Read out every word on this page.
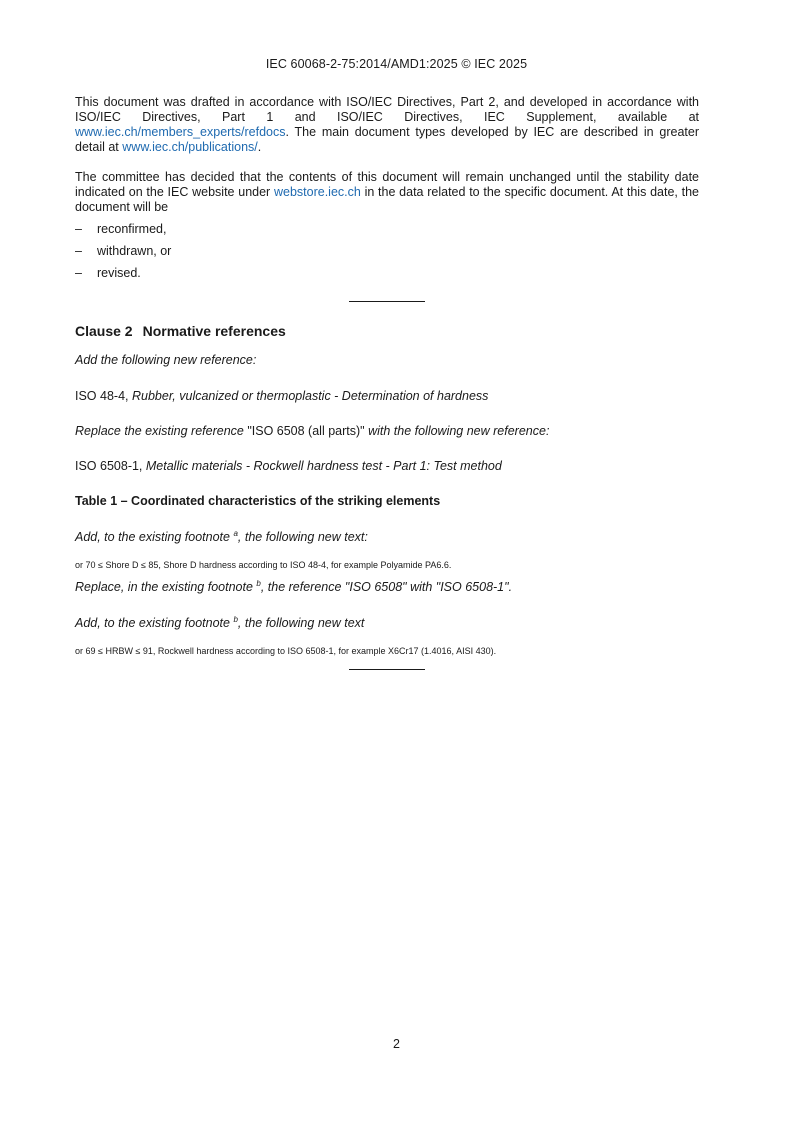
IEC 60068-2-75:2014/AMD1:2025 © IEC 2025

This document was drafted in accordance with ISO/IEC Directives, Part 2, and developed in accordance with ISO/IEC Directives, Part 1 and ISO/IEC Directives, IEC Supplement, available at www.iec.ch/members_experts/refdocs. The main document types developed by IEC are described in greater detail at www.iec.ch/publications/.

The committee has decided that the contents of this document will remain unchanged until the stability date indicated on the IEC website under webstore.iec.ch in the data related to the specific document. At this date, the document will be

–	reconfirmed,
–	withdrawn, or
–	revised.

Clause 2 Normative references

Add the following new reference:

ISO 48-4, Rubber, vulcanized or thermoplastic - Determination of hardness

Replace the existing reference "ISO 6508 (all parts)" with the following new reference:

ISO 6508-1, Metallic materials - Rockwell hardness test - Part 1: Test method

Table 1 – Coordinated characteristics of the striking elements

Add, to the existing footnote $^a$, the following new text:

or 70 ≤ Shore D ≤ 85, Shore D hardness according to ISO 48-4, for example Polyamide PA6.6.

Replace, in the existing footnote $^b$, the reference "ISO 6508" with "ISO 6508-1".

Add, to the existing footnote $^b$, the following new text

or 69 ≤ HRBW ≤ 91, Rockwell hardness according to ISO 6508-1, for example X6Cr17 (1.4016, AISI 430).

2
